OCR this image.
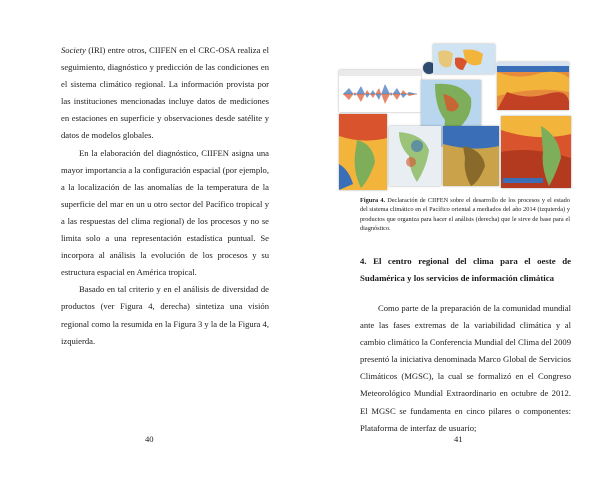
Society (IRI) entre otros, CIIFEN en el CRC-OSA realiza el seguimiento, diagnóstico y predicción de las condiciones en el sistema climático regional. La información provista por las instituciones mencionadas incluye datos de mediciones en estaciones en superficie y observaciones desde satélite y datos de modelos globales.

En la elaboración del diagnóstico, CIIFEN asigna una mayor importancia a la configuración espacial (por ejemplo, a la localización de las anomalías de la temperatura de la superficie del mar en un u otro sector del Pacífico tropical y a las respuestas del clima regional) de los procesos y no se limita solo a una representación estadística puntual. Se incorpora al análisis la evolución de los procesos y su estructura espacial en América tropical.

Basado en tal criterio y en el análisis de diversidad de productos (ver Figura 4, derecha) sintetiza una visión regional como la resumida en la Figura 3 y la de la Figura 4, izquierda.

40

Figura 4. Declaración de CIIFEN sobre el desarrollo de los procesos y el estado del sistema climático en el Pacífico oriental a mediados del año 2014 (izquierda) y productos que organiza para hacer el análisis (derecha) que le sirve de base para el diagnóstico.

4. El centro regional del clima para el oeste de Sudamérica y los servicios de información climática

Como parte de la preparación de la comunidad mundial ante las fases extremas de la variabilidad climática y al cambio climático la Conferencia Mundial del Clima del 2009 presentó la iniciativa denominada Marco Global de Servicios Climáticos (MGSC), la cual se formalizó en el Congreso Meteorológico Mundial Extraordinario en octubre de 2012. El MGSC se fundamenta en cinco pilares o componentes: Plataforma de interfaz de usuario;

41
